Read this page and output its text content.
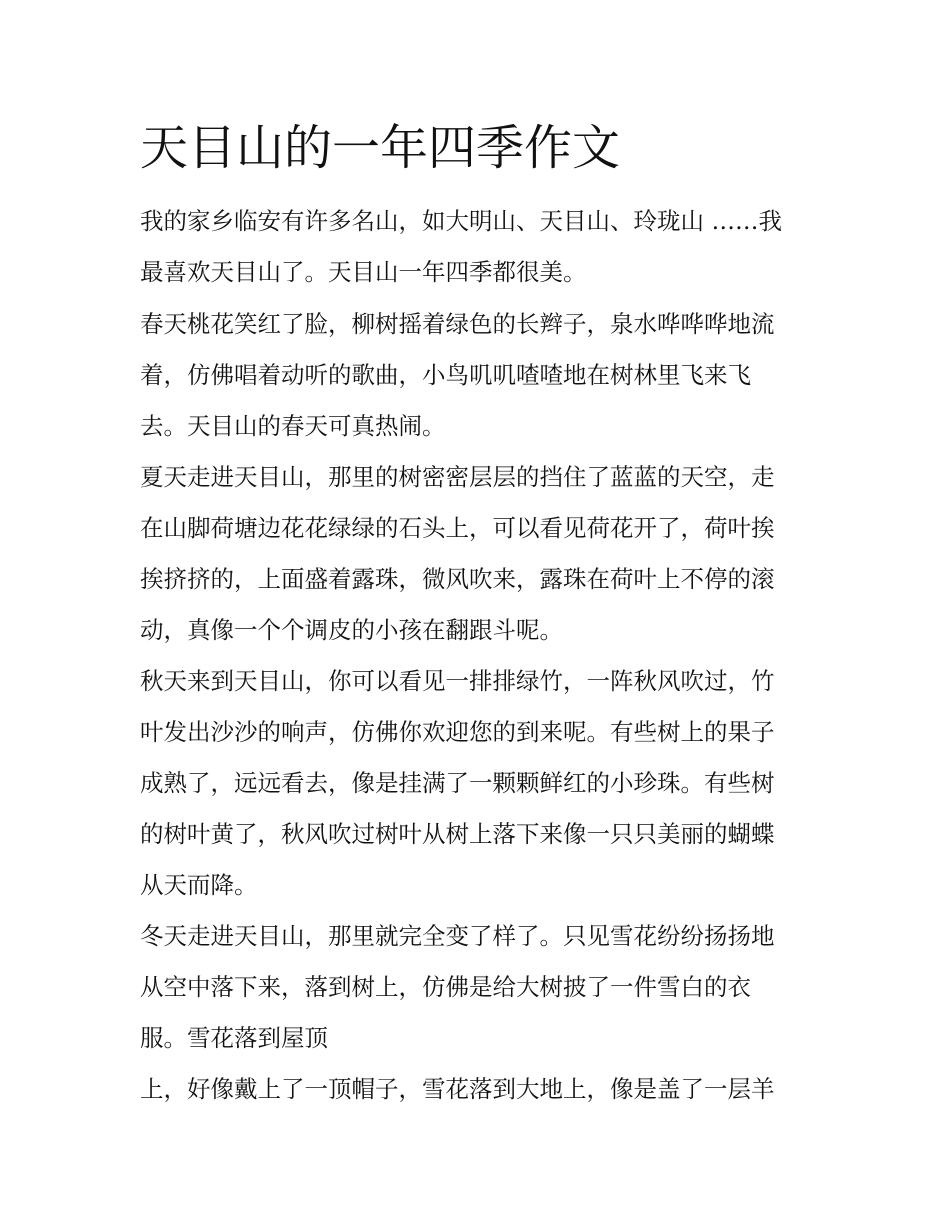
天目山的一年四季作文

我的家乡临安有许多名山，如大明山、天目山、玲珑山 ……我

最喜欢天目山了。天目山一年四季都很美。

春天桃花笑红了脸，柳树摇着绿色的长辫子，泉水哗哗哗地流

着，仿佛唱着动听的歌曲，小鸟叽叽喳喳地在树林里飞来飞

去。天目山的春天可真热闹。

夏天走进天目山，那里的树密密层层的挡住了蓝蓝的天空，走

在山脚荷塘边花花绿绿的石头上，可以看见荷花开了，荷叶挨

挨挤挤的，上面盛着露珠，微风吹来，露珠在荷叶上不停的滚

动，真像一个个调皮的小孩在翻跟斗呢。

秋天来到天目山，你可以看见一排排绿竹，一阵秋风吹过，竹

叶发出沙沙的响声，仿佛你欢迎您的到来呢。有些树上的果子

成熟了，远远看去，像是挂满了一颗颗鲜红的小珍珠。有些树

的树叶黄了，秋风吹过树叶从树上落下来像一只只美丽的蝴蝶

从天而降。

冬天走进天目山，那里就完全变了样了。只见雪花纷纷扬扬地

从空中落下来，落到树上，仿佛是给大树披了一件雪白的衣

服。雪花落到屋顶

上，好像戴上了一顶帽子，雪花落到大地上，像是盖了一层羊
